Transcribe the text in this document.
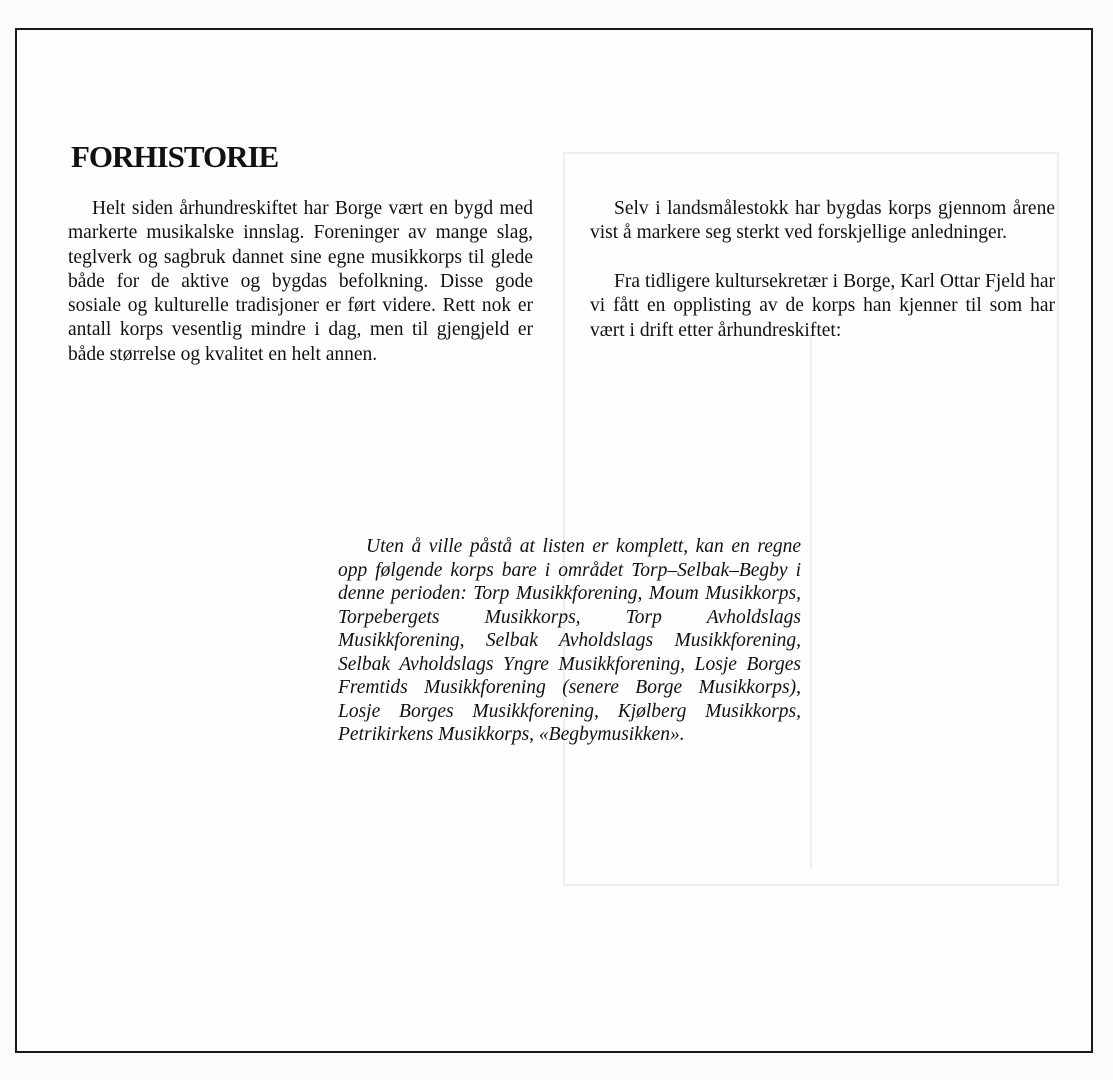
FORHISTORIE

Helt siden århundreskiftet har Borge vært en bygd med markerte musikalske innslag. Foreninger av mange slag, teglverk og sagbruk dannet sine egne musikkorps til glede både for de aktive og bygdas befolkning. Disse gode sosiale og kulturelle tradisjoner er ført videre. Rett nok er antall korps vesentlig mindre i dag, men til gjengjeld er både størrelse og kvalitet en helt annen.

Selv i landsmålestokk har bygdas korps gjennom årene vist å markere seg sterkt ved forskjellige anledninger.

Fra tidligere kultursekretær i Borge, Karl Ottar Fjeld har vi fått en opplisting av de korps han kjenner til som har vært i drift etter århundreskiftet:

Uten å ville påstå at listen er komplett, kan en regne opp følgende korps bare i området Torp–Selbak–Begby i denne perioden: Torp Musikkforening, Moum Musikkorps, Torpebergets Musikkorps, Torp Avholdslags Musikkforening, Selbak Avholdslags Musikkforening, Selbak Avholdslags Yngre Musikkforening, Losje Borges Fremtids Musikkforening (senere Borge Musikkorps), Losje Borges Musikkforening, Kjølberg Musikkorps, Petrikirkens Musikkorps, «Begbymusikken».
